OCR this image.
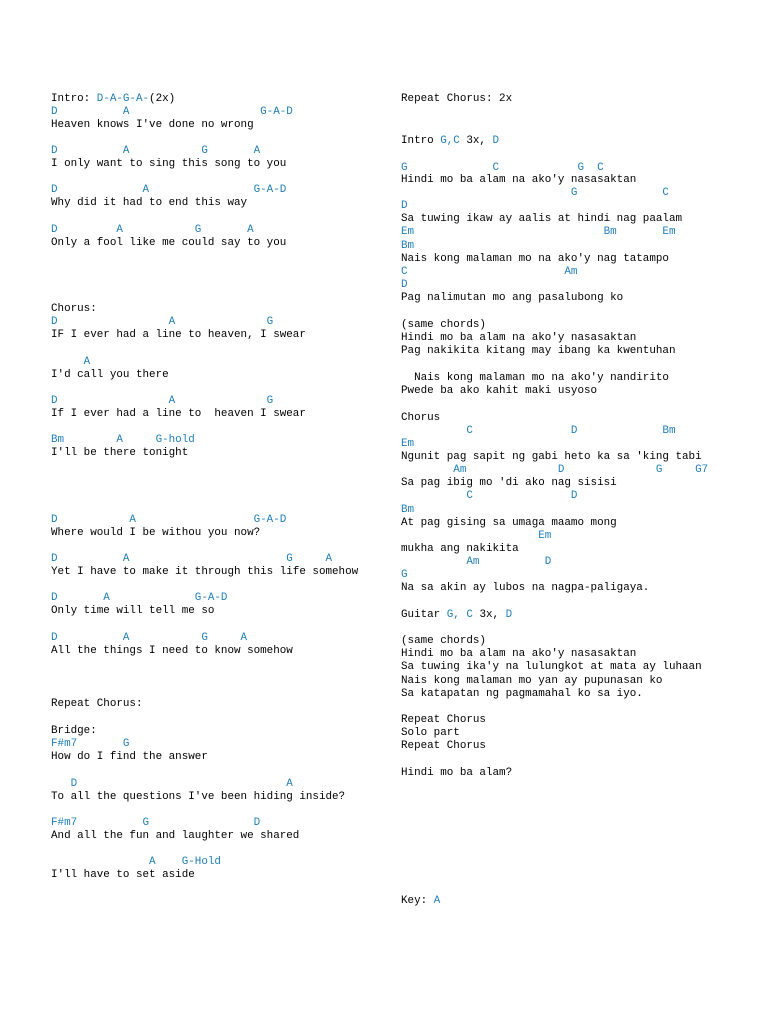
Intro: D-A-G-A-(2x)
D          A                    G-A-D
Heaven knows I've done no wrong
D          A           G       A
I only want to sing this song to you
D             A                G-A-D
Why did it had to end this way
D         A           G       A
Only a fool like me could say to you
Chorus:
D                 A              G
IF I ever had a line to heaven, I swear
A
I'd call you there
D                 A              G
If I ever had a line to  heaven I swear
Bm        A     G-hold
I'll be there tonight
D           A                  G-A-D
Where would I be withou you now?
D          A                        G     A
Yet I have to make it through this life somehow
D       A             G-A-D
Only time will tell me so
D          A           G     A
All the things I need to know somehow
Repeat Chorus:
Bridge:
F#m7       G
How do I find the answer
D                                A
To all the questions I've been hiding inside?
F#m7          G                D
And all the fun and laughter we shared
A    G-Hold
I'll have to set aside
Repeat Chorus: 2x
Intro G,C 3x, D
G             C            G  C
Hindi mo ba alam na ako'y nasasaktan
G             C
D
Sa tuwing ikaw ay aalis at hindi nag paalam
Em                             Bm       Em
Bm
Nais kong malaman mo na ako'y nag tatampo
C                        Am
D
Pag nalimutan mo ang pasalubong ko
(same chords)
Hindi mo ba alam na ako'y nasasaktan
Pag nakikita kitang may ibang ka kwentuhan
Nais kong malaman mo na ako'y nandirito
Pwede ba ako kahit maki usyoso
Chorus
C               D             Bm
Em
Ngunit pag sapit ng gabi heto ka sa 'king tabi
Am              D              G     G7
Sa pag ibig mo 'di ako nag sisisi
C               D
Bm
At pag gising sa umaga maamo mong
Em
mukha ang nakikita
Am          D
G
Na sa akin ay lubos na nagpa-paligaya.
Guitar G, C 3x, D
(same chords)
Hindi mo ba alam na ako'y nasasaktan
Sa tuwing ika'y na lulungkot at mata ay luhaan
Nais kong malaman mo yan ay pupunasan ko
Sa katapatan ng pagmamahal ko sa iyo.
Repeat Chorus
Solo part
Repeat Chorus
Hindi mo ba alam?
Key: A
